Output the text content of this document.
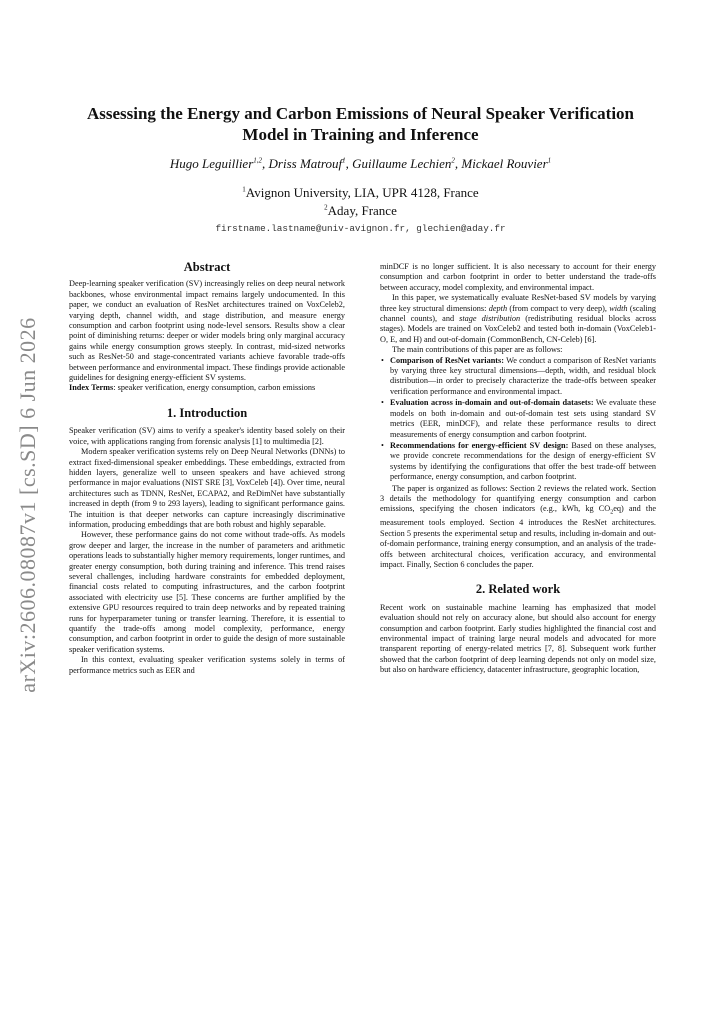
arXiv:2606.08087v1 [cs.SD] 6 Jun 2026
Assessing the Energy and Carbon Emissions of Neural Speaker Verification Model in Training and Inference
Hugo Leguillier$^{1,2}$, Driss Matrouf$^1$, Guillaume Lechien$^2$, Mickael Rouvier$^1$
$^1$Avignon University, LIA, UPR 4128, France
$^2$Aday, France
firstname.lastname@univ-avignon.fr, glechien@aday.fr
Abstract

Deep-learning speaker verification (SV) increasingly relies on deep neural network backbones, whose environmental impact remains largely undocumented. In this paper, we conduct an evaluation of ResNet architectures trained on VoxCeleb2, varying depth, channel width, and stage distribution, and measure energy consumption and carbon footprint using node-level sensors. Results show a clear point of diminishing returns: deeper or wider models bring only marginal accuracy gains while energy consumption grows steeply. In contrast, mid-sized networks such as ResNet-50 and stage-concentrated variants achieve favorable trade-offs between performance and environmental impact. These findings provide actionable guidelines for designing energy-efficient SV systems.

Index Terms: speaker verification, energy consumption, carbon emissions

1. Introduction

Speaker verification (SV) aims to verify a speaker's identity based solely on their voice, with applications ranging from forensic analysis [1] to multimedia [2].

Modern speaker verification systems rely on Deep Neural Networks (DNNs) to extract fixed-dimensional speaker embeddings. These embeddings, extracted from hidden layers, generalize well to unseen speakers and have achieved strong performance in major evaluations (NIST SRE [3], VoxCeleb [4]). Over time, neural architectures such as TDNN, ResNet, ECAPA2, and ReDimNet have substantially increased in depth (from 9 to 293 layers), leading to significant performance gains. The intuition is that deeper networks can capture increasingly discriminative information, producing embeddings that are both robust and highly separable.

However, these performance gains do not come without trade-offs. As models grow deeper and larger, the increase in the number of parameters and arithmetic operations leads to substantially higher memory requirements, longer runtimes, and greater energy consumption, both during training and inference. This trend raises several challenges, including hardware constraints for embedded deployment, financial costs related to computing infrastructures, and the carbon footprint associated with electricity use [5]. These concerns are further amplified by the extensive GPU resources required to train deep networks and by repeated training runs for hyperparameter tuning or transfer learning. Therefore, it is essential to quantify the trade-offs among model complexity, performance, energy consumption, and carbon footprint in order to guide the design of more sustainable speaker verification systems.

In this context, evaluating speaker verification systems solely in terms of performance metrics such as EER and

minDCF is no longer sufficient. It is also necessary to account for their energy consumption and carbon footprint in order to better understand the trade-offs between accuracy, model complexity, and environmental impact.

In this paper, we systematically evaluate ResNet-based SV models by varying three key structural dimensions: depth (from compact to very deep), width (scaling channel counts), and stage distribution (redistributing residual blocks across stages). Models are trained on VoxCeleb2 and tested both in-domain (VoxCeleb1-O, E, and H) and out-of-domain (CommonBench, CN-Celeb) [6].

The main contributions of this paper are as follows:

• Comparison of ResNet variants: We conduct a comparison of ResNet variants by varying three key structural dimensions—depth, width, and residual block distribution—in order to precisely characterize the trade-offs between speaker verification performance and environmental impact.
• Evaluation across in-domain and out-of-domain datasets: We evaluate these models on both in-domain and out-of-domain test sets using standard SV metrics (EER, minDCF), and relate these performance results to direct measurements of energy consumption and carbon footprint.
• Recommendations for energy-efficient SV design: Based on these analyses, we provide concrete recommendations for the design of energy-efficient SV systems by identifying the configurations that offer the best trade-off between performance, energy consumption, and carbon footprint.

The paper is organized as follows: Section 2 reviews the related work. Section 3 details the methodology for quantifying energy consumption and carbon emissions, specifying the chosen indicators (e.g., kWh, kg $CO_2eq$) and the measurement tools employed. Section 4 introduces the ResNet architectures. Section 5 presents the experimental setup and results, including in-domain and out-of-domain performance, training energy consumption, and an analysis of the trade-offs between architectural choices, verification accuracy, and environmental impact. Finally, Section 6 concludes the paper.

2. Related work

Recent work on sustainable machine learning has emphasized that model evaluation should not rely on accuracy alone, but should also account for energy consumption and carbon footprint. Early studies highlighted the financial cost and environmental impact of training large neural models and advocated for more transparent reporting of energy-related metrics [7, 8]. Subsequent work further showed that the carbon footprint of deep learning depends not only on model size, but also on hardware efficiency, datacenter infrastructure, geographic location,
